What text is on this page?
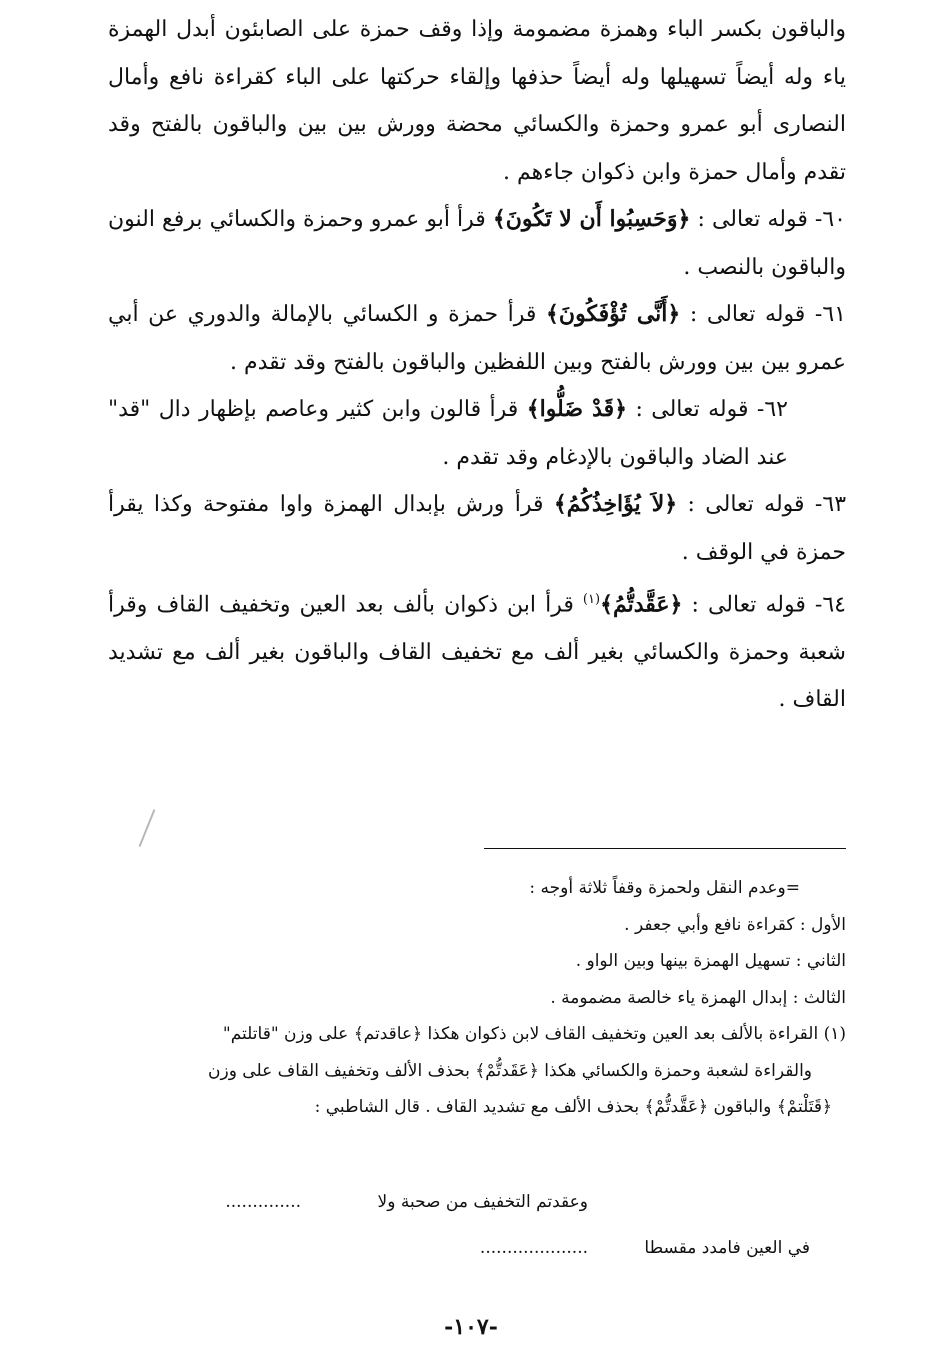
والباقون بكسر الباء وهمزة مضمومة وإذا وقف حمزة على الصابئون أبدل الهمزة ياء وله أيضاً تسهيلها وله أيضاً حذفها وإلقاء حركتها على الباء كقراءة نافع وأمال النصارى أبو عمرو وحمزة والكسائي محضة وورش بين بين والباقون بالفتح وقد تقدم وأمال حمزة وابن ذكوان جاءهم .

٦٠- قوله تعالى : ﴿وَحَسِبُوا أَن لا تَكُونَ﴾ قرأ أبو عمرو وحمزة والكسائي برفع النون والباقون بالنصب .

٦١- قوله تعالى : ﴿أَنَّى تُؤْفَكُونَ﴾ قرأ حمزة و الكسائي بالإمالة والدوري عن أبي عمرو بين بين وورش بالفتح وبين اللفظين والباقون بالفتح وقد تقدم .

٦٢- قوله تعالى : ﴿قَدْ ضَلُّوا﴾ قرأ قالون وابن كثير وعاصم بإظهار دال "قد" عند الضاد والباقون بالإدغام وقد تقدم .

٦٣- قوله تعالى : ﴿لاَ يُؤَاخِذُكُمُ﴾ قرأ ورش بإبدال الهمزة واوا مفتوحة وكذا يقرأ حمزة في الوقف .

٦٤- قوله تعالى : ﴿عَقَّدتُّمُ﴾$^{(١)}$ قرأ ابن ذكوان بألف بعد العين وتخفيف القاف وقرأ شعبة وحمزة والكسائي بغير ألف مع تخفيف القاف والباقون بغير ألف مع تشديد القاف .

=وعدم النقل ولحمزة وقفاً ثلاثة أوجه :

الأول : كقراءة نافع وأبي جعفر .

الثاني : تسهيل الهمزة بينها وبين الواو .

الثالث : إبدال الهمزة ياء خالصة مضمومة .

(١) القراءة بالألف بعد العين وتخفيف القاف لابن ذكوان هكذا ﴿عاقدتم﴾ على وزن "قاتلتم"

والقراءة لشعبة وحمزة والكسائي هكذا ﴿عَقَدتُّمْ﴾ بحذف الألف وتخفيف القاف على وزن

﴿قَتَلْتمْ﴾ والباقون ﴿عَقَّدتُّمْ﴾ بحذف الألف مع تشديد القاف . قال الشاطبي :

وعقدتم التخفيف من صحبة ولا
..............
في العين فامدد مقسطا
....................
-١٠٧-
